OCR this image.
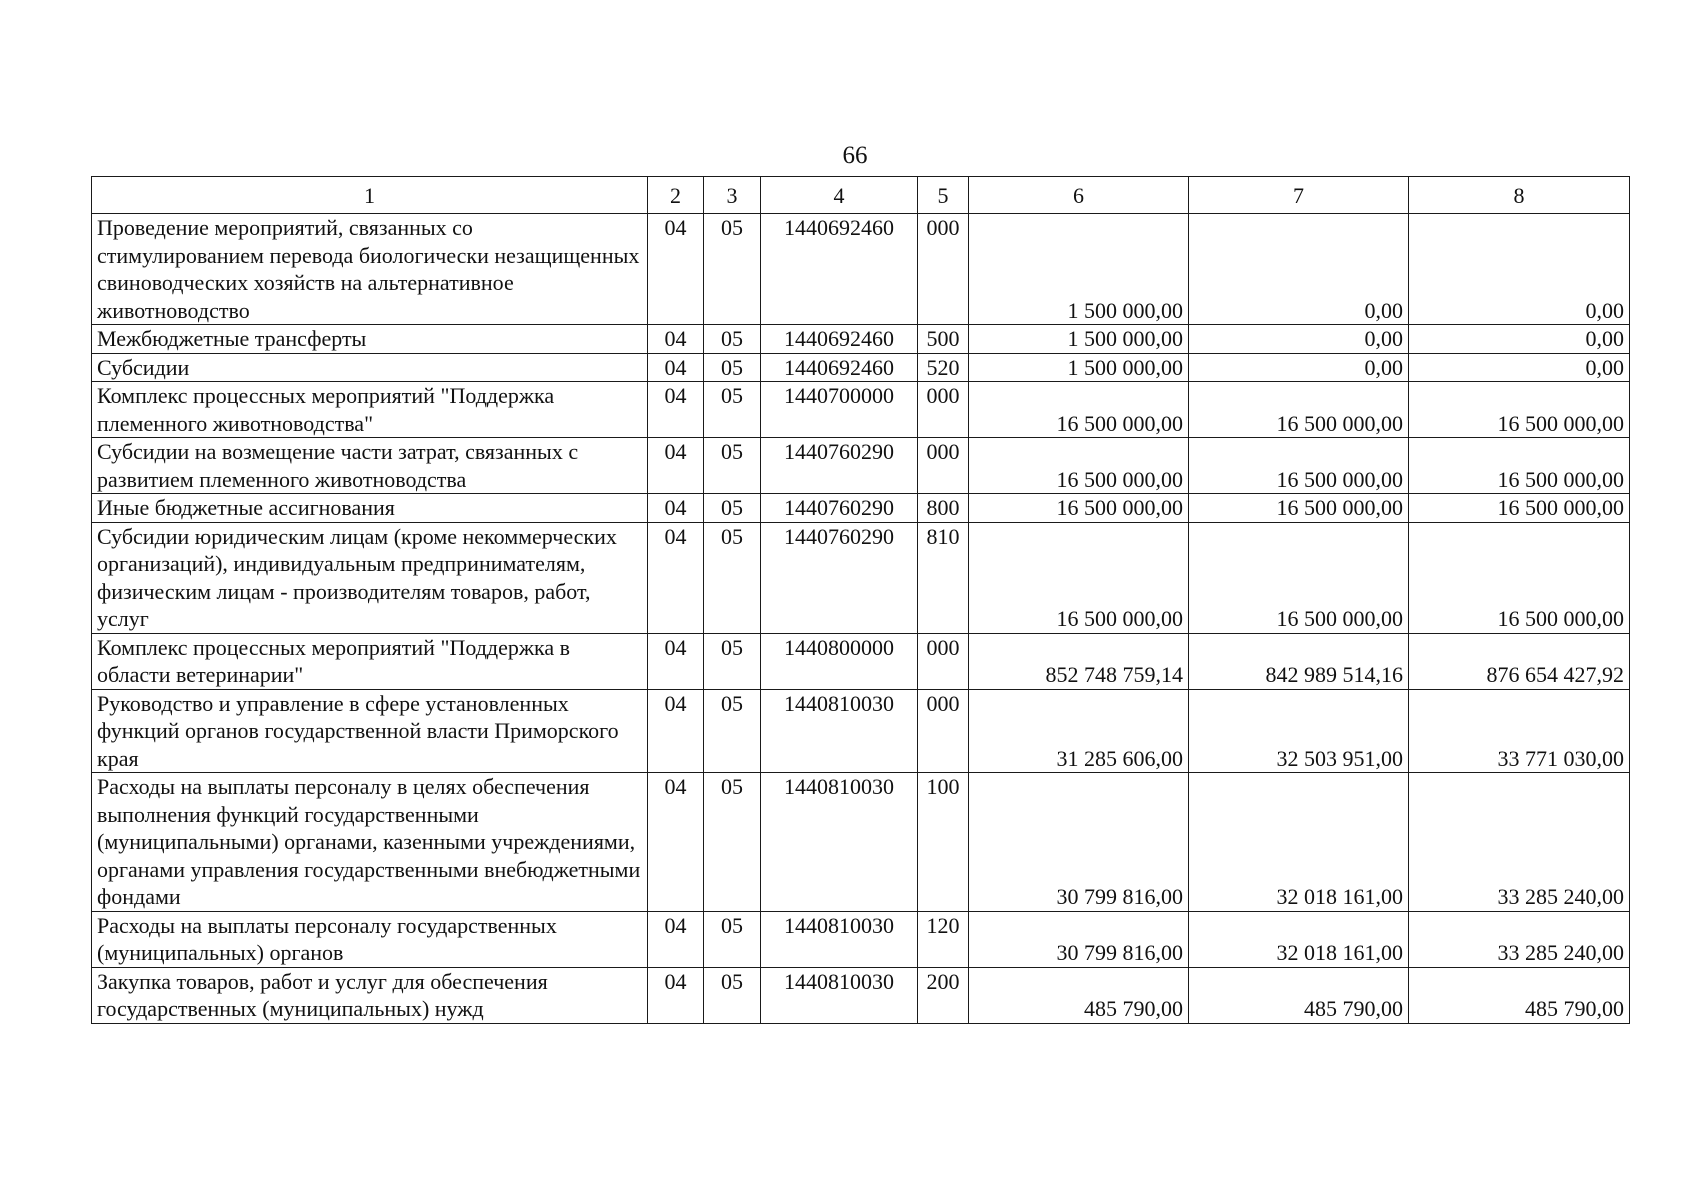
66
1	2	3	4	5	6	7	8
Проведение мероприятий, связанных со стимулированием перевода биологически незащищенных свиноводческих хозяйств на альтернативное животноводство	04	05	1440692460	000	1 500 000,00	0,00	0,00
Межбюджетные трансферты	04	05	1440692460	500	1 500 000,00	0,00	0,00
Субсидии	04	05	1440692460	520	1 500 000,00	0,00	0,00
Комплекс процессных мероприятий "Поддержка племенного животноводства"	04	05	1440700000	000	16 500 000,00	16 500 000,00	16 500 000,00
Субсидии на возмещение части затрат, связанных с развитием племенного животноводства	04	05	1440760290	000	16 500 000,00	16 500 000,00	16 500 000,00
Иные бюджетные ассигнования	04	05	1440760290	800	16 500 000,00	16 500 000,00	16 500 000,00
Субсидии юридическим лицам (кроме некоммерческих организаций), индивидуальным предпринимателям, физическим лицам - производителям товаров, работ, услуг	04	05	1440760290	810	16 500 000,00	16 500 000,00	16 500 000,00
Комплекс процессных мероприятий "Поддержка в области ветеринарии"	04	05	1440800000	000	852 748 759,14	842 989 514,16	876 654 427,92
Руководство и управление в сфере установленных функций органов государственной власти Приморского края	04	05	1440810030	000	31 285 606,00	32 503 951,00	33 771 030,00
Расходы на выплаты персоналу в целях обеспечения выполнения функций государственными (муниципальными) органами, казенными учреждениями, органами управления государственными внебюджетными фондами	04	05	1440810030	100	30 799 816,00	32 018 161,00	33 285 240,00
Расходы на выплаты персоналу государственных (муниципальных) органов	04	05	1440810030	120	30 799 816,00	32 018 161,00	33 285 240,00
Закупка товаров, работ и услуг для обеспечения государственных (муниципальных) нужд	04	05	1440810030	200	485 790,00	485 790,00	485 790,00
